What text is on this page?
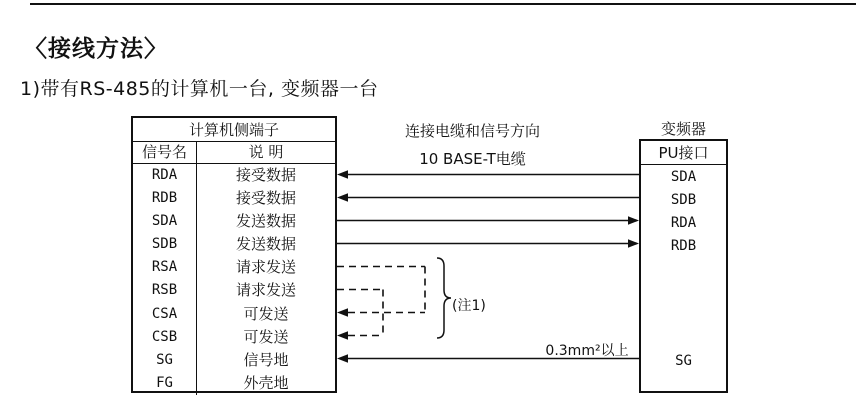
〈接线方法〉
1)带有RS-485的计算机一台, 变频器一台
计算机侧端子
信号名	说 明
RDA	接受数据
RDB	接受数据
SDA	发送数据
SDB	发送数据
RSA	请求发送
RSB	请求发送
CSA	可发送
CSB	可发送
SG	信号地
FG	外壳地
连接电缆和信号方向
10 BASE-T电缆
0.3mm²以上
(注1)
变频器
PU接口
SDA
SDB
RDA
RDB
SG
